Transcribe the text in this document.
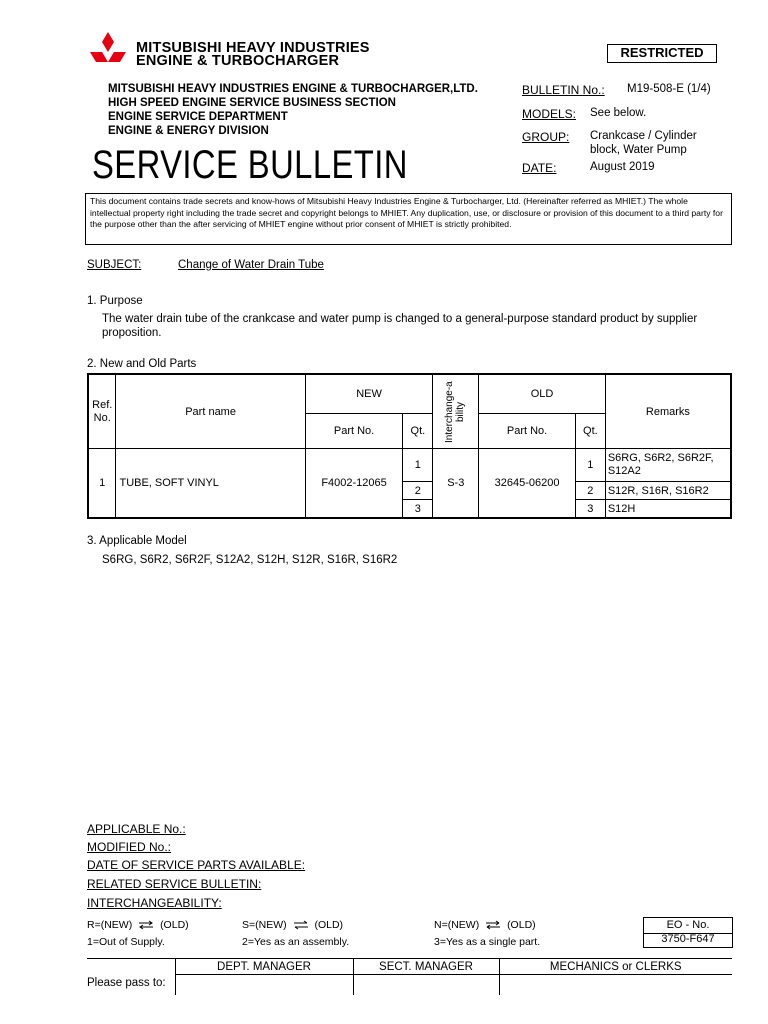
MITSUBISHI HEAVY INDUSTRIES
ENGINE & TURBOCHARGER
RESTRICTED
MITSUBISHI HEAVY INDUSTRIES ENGINE & TURBOCHARGER,LTD.
HIGH SPEED ENGINE SERVICE BUSINESS SECTION
ENGINE SERVICE DEPARTMENT
ENGINE & ENERGY DIVISION
SERVICE BULLETIN
BULLETIN No.: M19-508-E (1/4)
MODELS: See below.
GROUP: Crankcase / Cylinder
block, Water Pump
DATE:	August 2019
This document contains trade secrets and know-hows of Mitsubishi Heavy Industries Engine & Turbocharger, Ltd. (Hereinafter referred as MHIET.) The whole intellectual property right including the trade secret and copyright belongs to MHIET. Any duplication, use, or disclosure or provision of this document to a third party for the purpose other than the after servicing of MHIET engine without prior consent of MHIET is strictly prohibited.
SUBJECT:	Change of Water Drain Tube
1. Purpose
The water drain tube of the crankcase and water pump is changed to a general-purpose standard product by supplier
proposition.
2. New and Old Parts
Ref.
No.	Part name	NEW		Interchange-ability	OLD		Remarks
		Part No.	Qt.		Part No.	Qt.	
1	TUBE, SOFT VINYL	F4002-12065	1	S-3	32645-06200	1	S6RG, S6R2, S6R2F, S12A2
			2			2	S12R, S16R, S16R2
			3			3	S12H
3. Applicable Model
S6RG, S6R2, S6R2F, S12A2, S12H, S12R, S16R, S16R2
APPLICABLE No.:
MODIFIED No.:
DATE OF SERVICE PARTS AVAILABLE:
RELATED SERVICE BULLETIN:
INTERCHANGEABILITY:
R=(NEW)	(OLD)	S=(NEW)	(OLD)	N=(NEW)	(OLD)
1=Out of Supply.	2=Yes as an assembly.	3=Yes as a single part.
EO - No.
3750-F647
Please pass to:	DEPT. MANAGER	SECT. MANAGER	MECHANICS or CLERKS
